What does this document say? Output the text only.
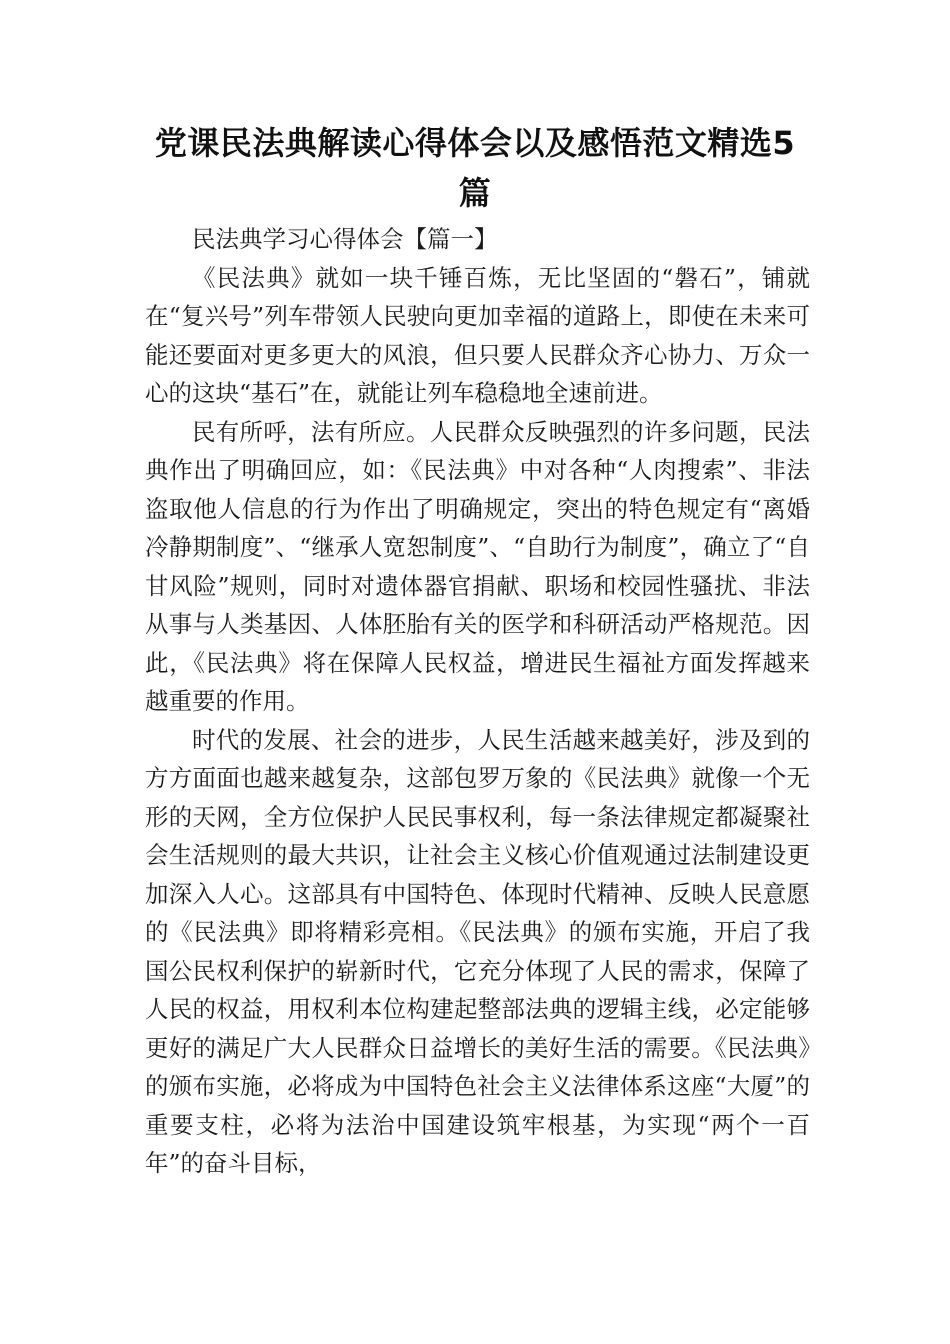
党课民法典解读心得体会以及感悟范文精选5篇

民法典学习心得体会【篇一】

《民法典》就如一块千锤百炼，无比坚固的“磐石”，铺就在“复兴号”列车带领人民驶向更加幸福的道路上，即使在未来可能还要面对更多更大的风浪，但只要人民群众齐心协力、万众一心的这块“基石”在，就能让列车稳稳地全速前进。

民有所呼，法有所应。人民群众反映强烈的许多问题，民法典作出了明确回应，如：《民法典》中对各种“人肉搜索”、非法盗取他人信息的行为作出了明确规定，突出的特色规定有“离婚冷静期制度”、“继承人宽恕制度”、“自助行为制度”，确立了“自甘风险”规则，同时对遗体器官捐献、职场和校园性骚扰、非法从事与人类基因、人体胚胎有关的医学和科研活动严格规范。因此，《民法典》将在保障人民权益，增进民生福祉方面发挥越来越重要的作用。

时代的发展、社会的进步，人民生活越来越美好，涉及到的方方面面也越来越复杂，这部包罗万象的《民法典》就像一个无形的天网，全方位保护人民民事权利，每一条法律规定都凝聚社会生活规则的最大共识，让社会主义核心价值观通过法制建设更加深入人心。这部具有中国特色、体现时代精神、反映人民意愿的《民法典》即将精彩亮相。《民法典》的颁布实施，开启了我国公民权利保护的崭新时代，它充分体现了人民的需求，保障了人民的权益，用权利本位构建起整部法典的逻辑主线，必定能够更好的满足广大人民群众日益增长的美好生活的需要。《民法典》的颁布实施，必将成为中国特色社会主义法律体系这座“大厦”的重要支柱，必将为法治中国建设筑牢根基，为实现“两个一百年”的奋斗目标，
